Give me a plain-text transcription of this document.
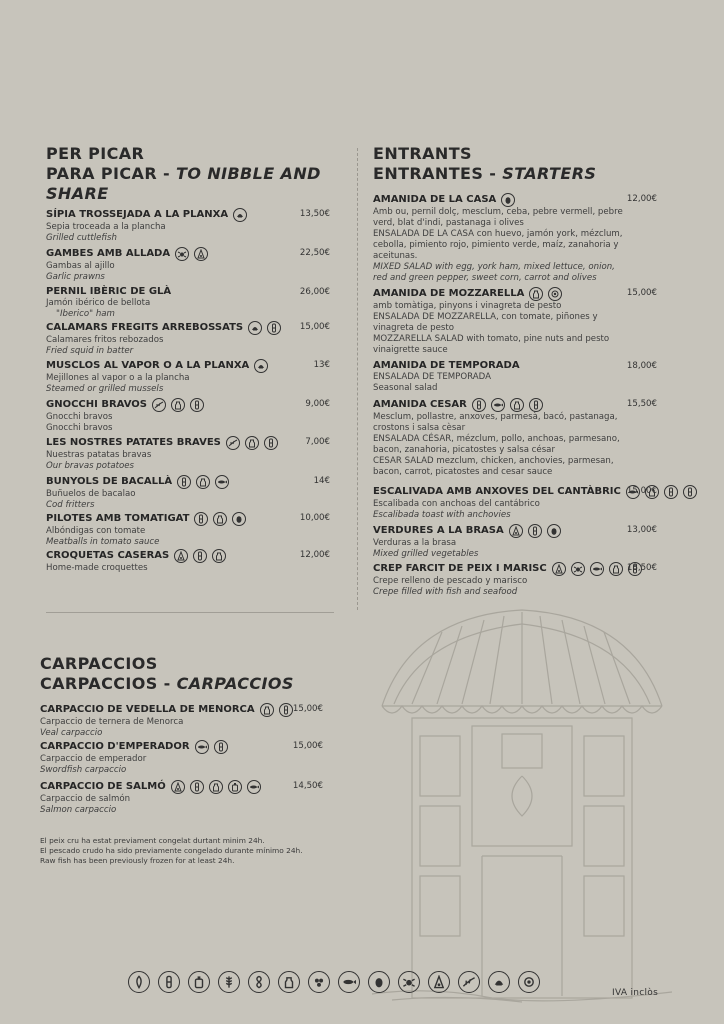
PER PICAR
PARA PICAR - TO NIBBLE AND
SHARE
ENTRANTS
ENTRANTES - STARTERS
CARPACCIOS
CARPACCIOS - CARPACCIOS
SÍPIA TROSSEJADA A LA PLANXA
Sepia troceada a la plancha
Grilled cuttlefish
13,50€
GAMBES AMB ALLADA
Gambas al ajillo
Garlic prawns
22,50€
PERNIL IBÈRIC DE GLÀ
Jamón ibérico de bellota
"Iberico" ham
26,00€
CALAMARS FREGITS ARREBOSSATS
Calamares fritos rebozados
Fried squid in batter
15,00€
MUSCLOS AL VAPOR O A LA PLANXA
Mejillones al vapor o a la plancha
Steamed or grilled mussels
13€
GNOCCHI BRAVOS
Gnocchi bravos
Gnocchi bravos
9,00€
LES NOSTRES PATATES BRAVES
Nuestras patatas bravas
Our bravas potatoes
7,00€
BUNYOLS DE BACALLÀ
Buñuelos de bacalao
Cod fritters
14€
PILOTES AMB TOMATIGAT
Albóndigas con tomate
Meatballs in tomato sauce
10,00€
CROQUETAS CASERAS
Home-made croquettes
12,00€
AMANIDA DE LA CASA
Amb ou, pernil dolç, mesclum, ceba, pebre vermell, pebre
verd, blat d'indi, pastanaga i olives
ENSALADA DE LA CASA con huevo, jamón york, mézclum,
cebolla, pimiento rojo, pimiento verde, maíz, zanahoria y
aceitunas.
MIXED SALAD with egg, york ham, mixed lettuce, onion,
red and green pepper, sweet corn, carrot and olives
12,00€
AMANIDA DE MOZZARELLA
amb tomàtiga, pinyons i vinagreta de pesto
ENSALADA DE MOZZARELLA, con tomate, piñones y
vinagreta de pesto
MOZZARELLA SALAD with tomato, pine nuts and pesto
vinaigrette sauce
15,00€
AMANIDA DE TEMPORADA
ENSALADA DE TEMPORADA
Seasonal salad
18,00€
AMANIDA CESAR
Mesclum, pollastre, anxoves, parmesà, bacó, pastanaga,
crostons i salsa cèsar
ENSALADA CÉSAR, mézclum, pollo, anchoas, parmesano,
bacon, zanahoria, picatostes y salsa césar
CESAR SALAD mezclum, chicken, anchovies, parmesan,
bacon, carrot, picatostes and cesar sauce
15,50€
ESCALIVADA AMB ANXOVES DEL CANTÀBRIC
Escalibada con anchoas del cantábrico
Escalibada toast with anchovies
15,00€
VERDURES A LA BRASA
Verduras a la brasa
Mixed grilled vegetables
13,00€
CREP FARCIT DE PEIX I MARISC
Crepe relleno de pescado y marisco
Crepe filled with fish and seafood
18,50€
CARPACCIO DE VEDELLA DE MENORCA
Carpaccio de ternera de Menorca
Veal carpaccio
15,00€
CARPACCIO D'EMPERADOR
Carpaccio de emperador
Swordfish carpaccio
15,00€
CARPACCIO DE SALMÓ
Carpaccio de salmón
Salmon carpaccio
14,50€
El peix cru ha estat previament congelat durtant minim 24h.
El pescado crudo ha sido previamente congelado durante mínimo 24h.
Raw fish has been previously frozen for at least 24h.
IVA inclòs
